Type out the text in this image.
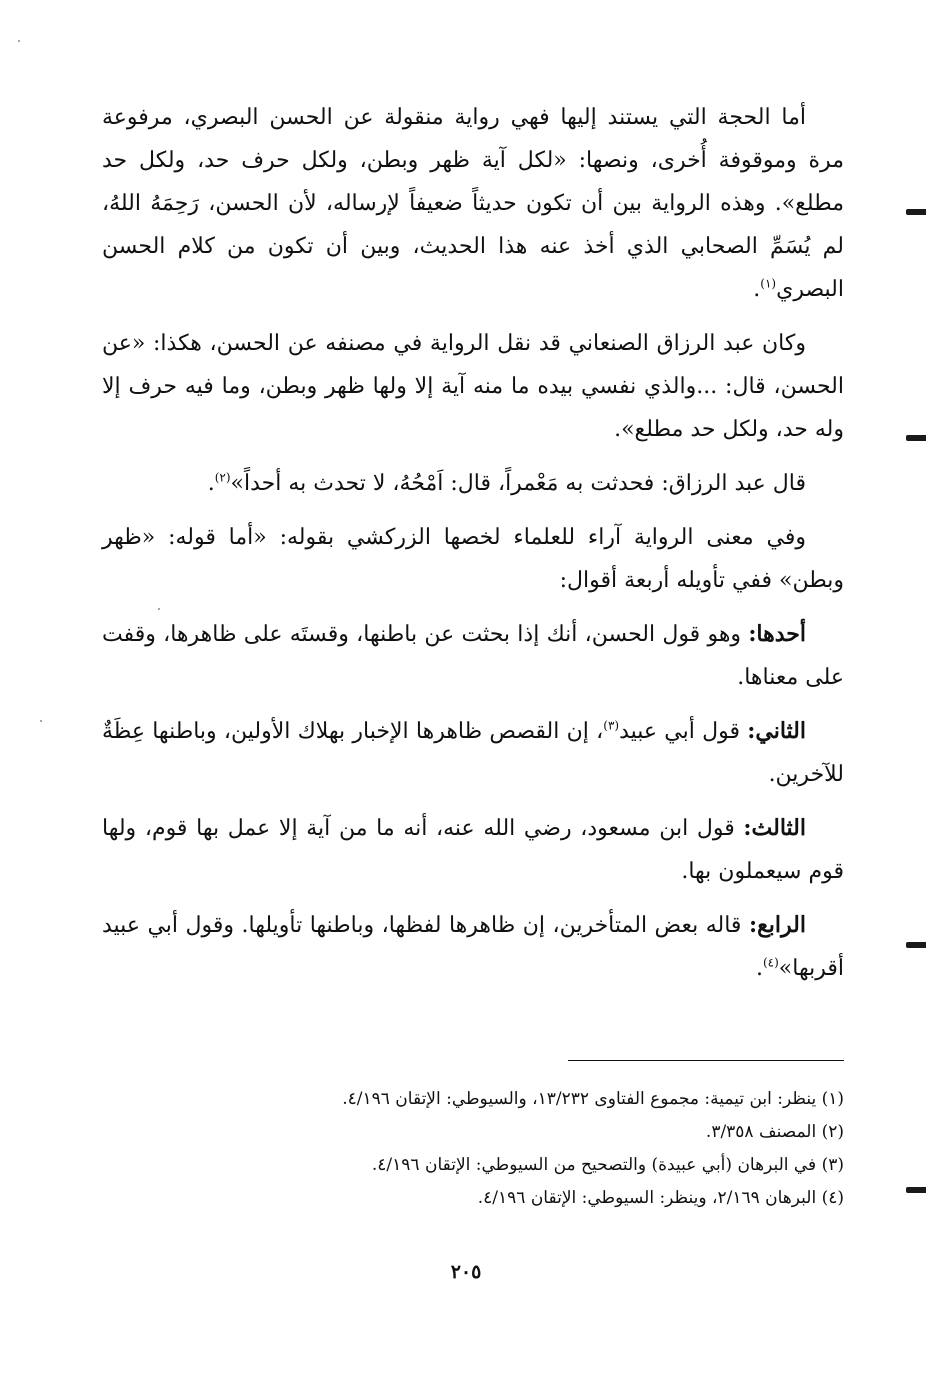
أما الحجة التي يستند إليها فهي رواية منقولة عن الحسن البصري، مرفوعة مرة وموقوفة أُخرى، ونصها: «لكل آية ظهر وبطن، ولكل حرف حد، ولكل حد مطلع». وهذه الرواية بين أن تكون حديثاً ضعيفاً لإرساله، لأن الحسن، رَحِمَهُ اللهُ، لم يُسَمِّ الصحابي الذي أخذ عنه هذا الحديث، وبين أن تكون من كلام الحسن البصري$^{(١)}$.

وكان عبد الرزاق الصنعاني قد نقل الرواية في مصنفه عن الحسن، هكذا: «عن الحسن، قال: ...والذي نفسي بيده ما منه آية إلا ولها ظهر وبطن، وما فيه حرف إلا وله حد، ولكل حد مطلع».

قال عبد الرزاق: فحدثت به مَعْمراً، قال: اَمْحُهُ، لا تحدث به أحداً»$^{(٢)}$.

وفي معنى الرواية آراء للعلماء لخصها الزركشي بقوله: «أما قوله: «ظهر وبطن» ففي تأويله أربعة أقوال:

أحدها: وهو قول الحسن، أنك إذا بحثت عن باطنها، وقستَه على ظاهرها، وقفت على معناها.

الثاني: قول أبي عبيد$^{(٣)}$، إن القصص ظاهرها الإخبار بهلاك الأولين، وباطنها عِظَةٌ للآخرين.

الثالث: قول ابن مسعود، رضي الله عنه، أنه ما من آية إلا عمل بها قوم، ولها قوم سيعملون بها.

الرابع: قاله بعض المتأخرين، إن ظاهرها لفظها، وباطنها تأويلها. وقول أبي عبيد أقربها»$^{(٤)}$.

(١) ينظر: ابن تيمية: مجموع الفتاوى ١٣/٢٣٢، والسيوطي: الإتقان ٤/١٩٦.

(٢) المصنف ٣/٣٥٨.

(٣) في البرهان (أبي عبيدة) والتصحيح من السيوطي: الإتقان ٤/١٩٦.

(٤) البرهان ٢/١٦٩، وينظر: السيوطي: الإتقان ٤/١٩٦.

٢٠٥
